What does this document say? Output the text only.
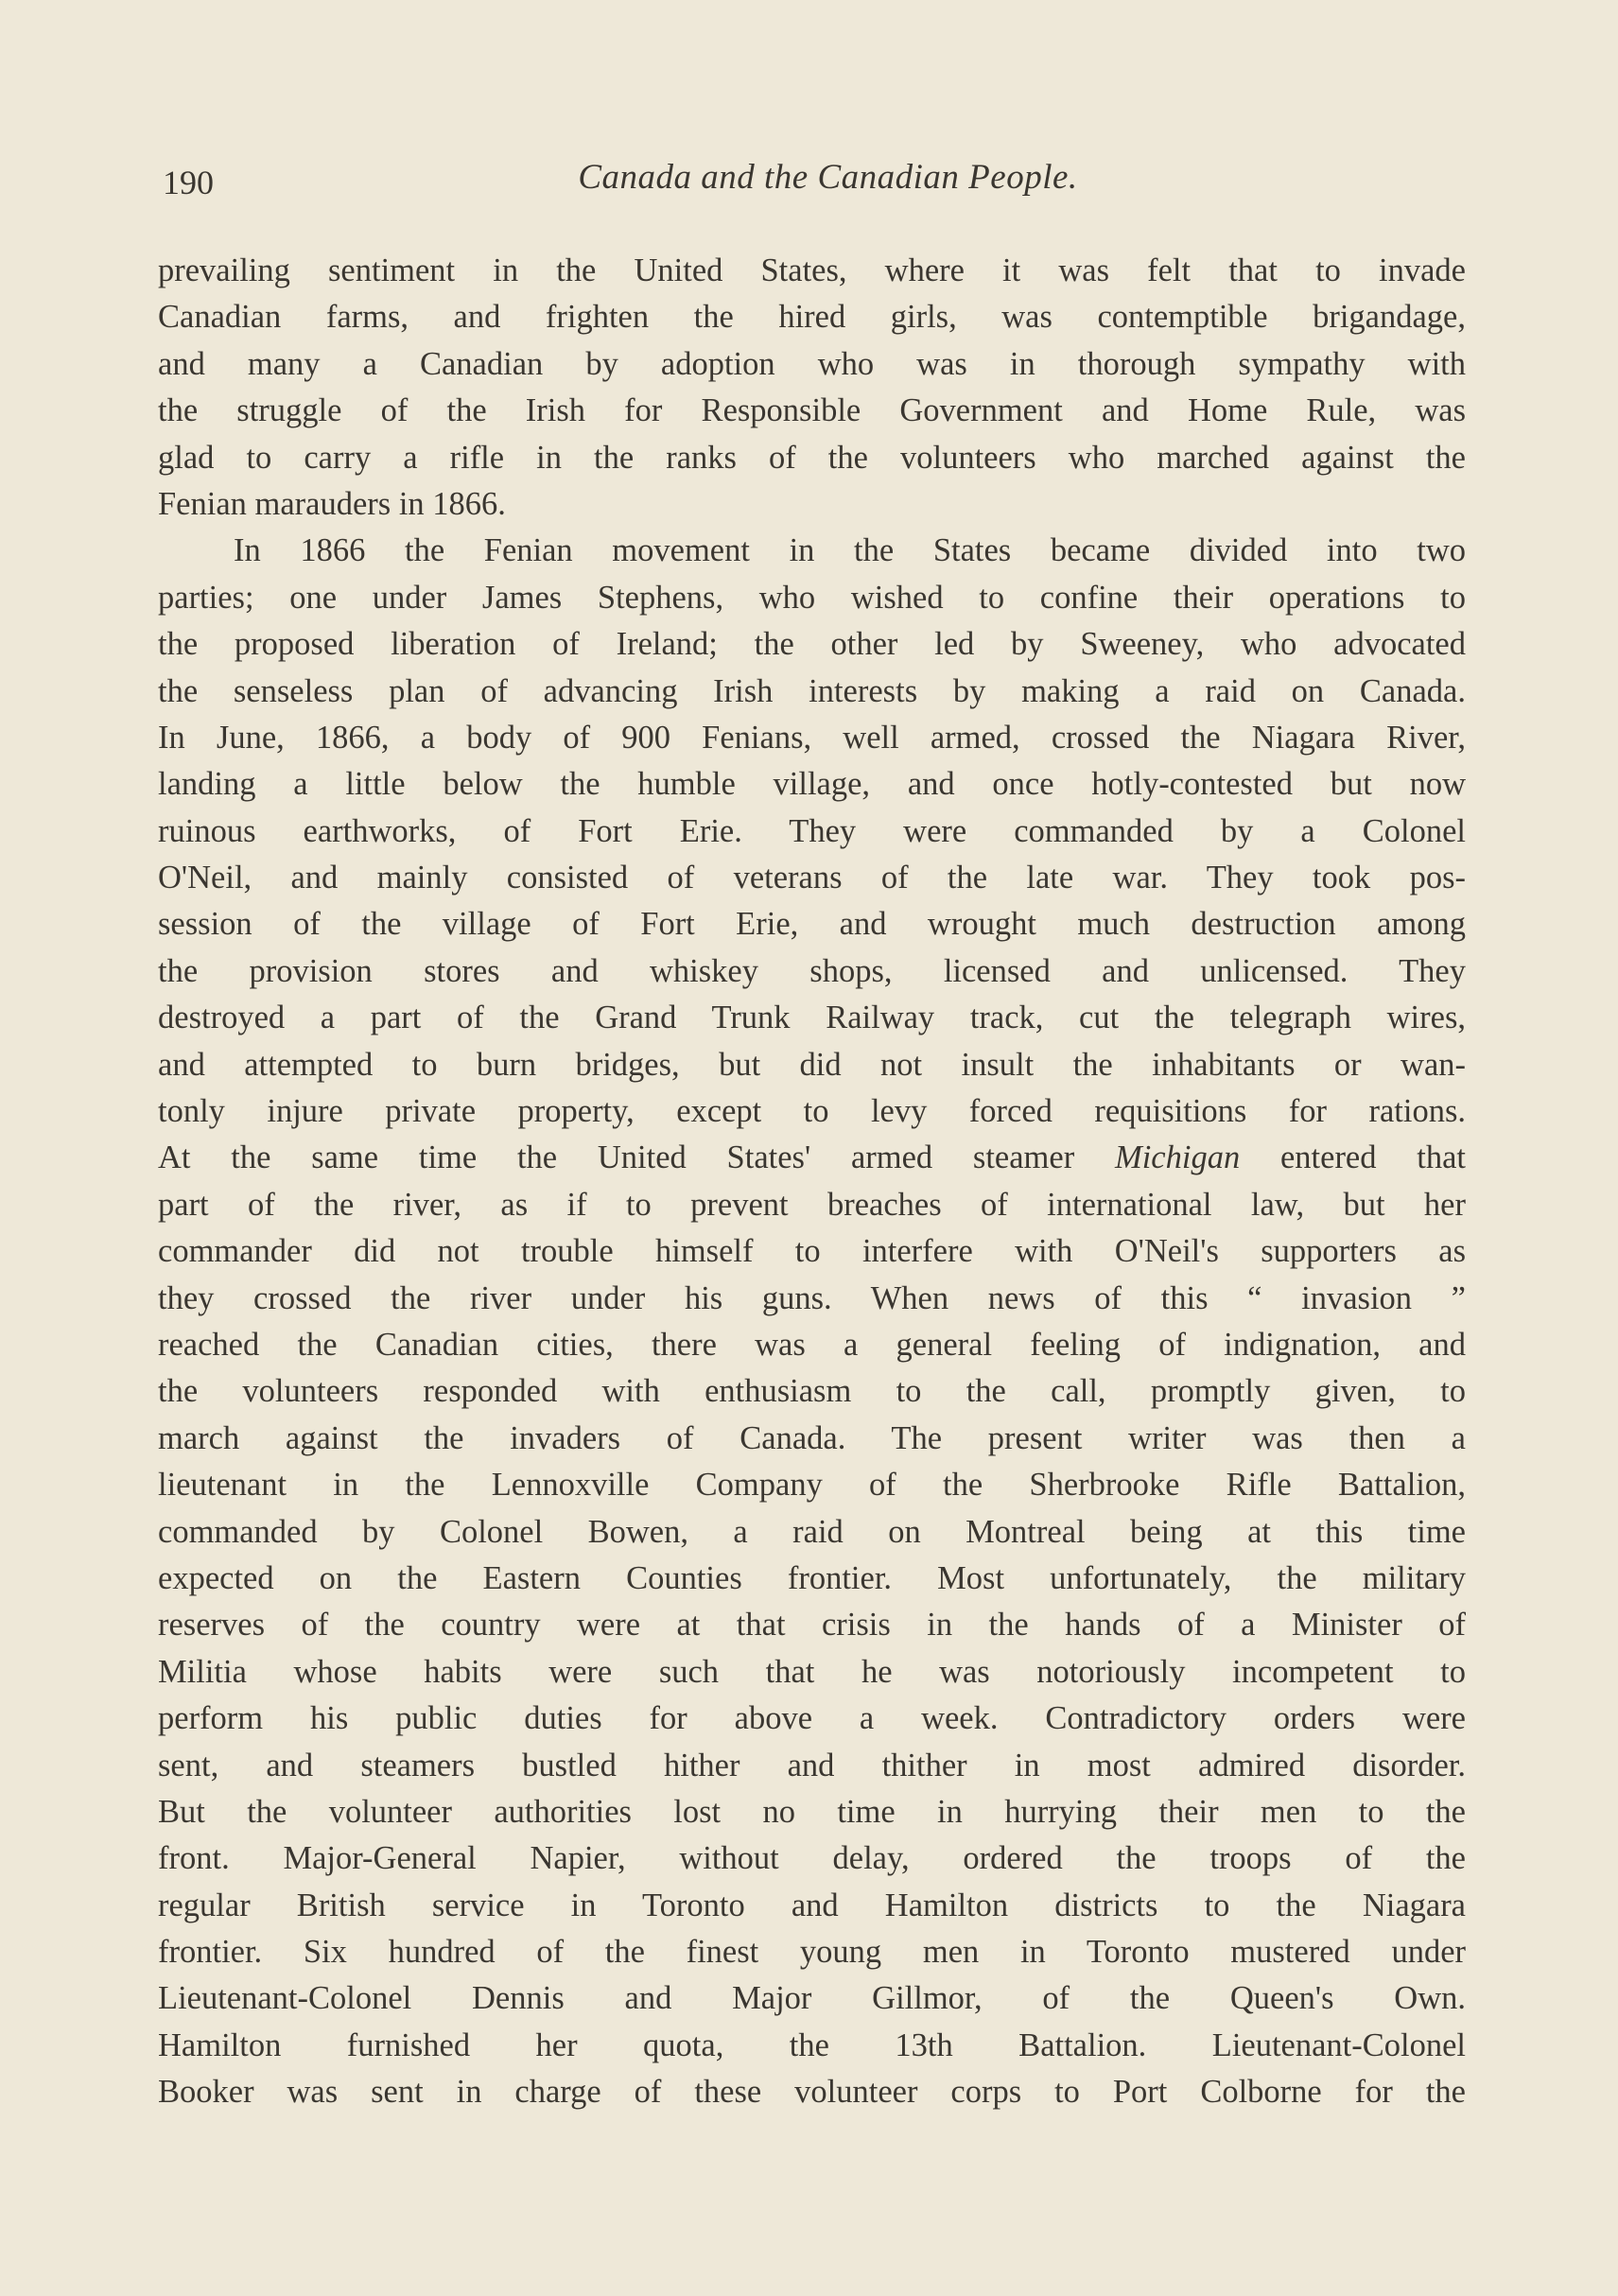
190	Canada and the Canadian People.
prevailing sentiment in the United States, where it was felt that to invade
Canadian farms, and frighten the hired girls, was contemptible brigandage,
and many a Canadian by adoption who was in thorough sympathy with
the struggle of the Irish for Responsible Government and Home Rule, was
glad to carry a rifle in the ranks of the volunteers who marched against the
Fenian marauders in 1866.
In 1866 the Fenian movement in the States became divided into two
parties; one under James Stephens, who wished to confine their operations to
the proposed liberation of Ireland; the other led by Sweeney, who advocated
the senseless plan of advancing Irish interests by making a raid on Canada.
In June, 1866, a body of 900 Fenians, well armed, crossed the Niagara River,
landing a little below the humble village, and once hotly-contested but now
ruinous earthworks, of Fort Erie. They were commanded by a Colonel
O'Neil, and mainly consisted of veterans of the late war. They took pos-
session of the village of Fort Erie, and wrought much destruction among
the provision stores and whiskey shops, licensed and unlicensed. They
destroyed a part of the Grand Trunk Railway track, cut the telegraph wires,
and attempted to burn bridges, but did not insult the inhabitants or wan-
tonly injure private property, except to levy forced requisitions for rations.
At the same time the United States' armed steamer Michigan entered that
part of the river, as if to prevent breaches of international law, but her
commander did not trouble himself to interfere with O'Neil's supporters as
they crossed the river under his guns. When news of this “ invasion ”
reached the Canadian cities, there was a general feeling of indignation, and
the volunteers responded with enthusiasm to the call, promptly given, to
march against the invaders of Canada. The present writer was then a
lieutenant in the Lennoxville Company of the Sherbrooke Rifle Battalion,
commanded by Colonel Bowen, a raid on Montreal being at this time
expected on the Eastern Counties frontier. Most unfortunately, the military
reserves of the country were at that crisis in the hands of a Minister of
Militia whose habits were such that he was notoriously incompetent to
perform his public duties for above a week. Contradictory orders were
sent, and steamers bustled hither and thither in most admired disorder.
But the volunteer authorities lost no time in hurrying their men to the
front. Major-General Napier, without delay, ordered the troops of the
regular British service in Toronto and Hamilton districts to the Niagara
frontier. Six hundred of the finest young men in Toronto mustered under
Lieutenant-Colonel Dennis and Major Gillmor, of the Queen's Own.
Hamilton furnished her quota, the 13th Battalion. Lieutenant-Colonel
Booker was sent in charge of these volunteer corps to Port Colborne for the
